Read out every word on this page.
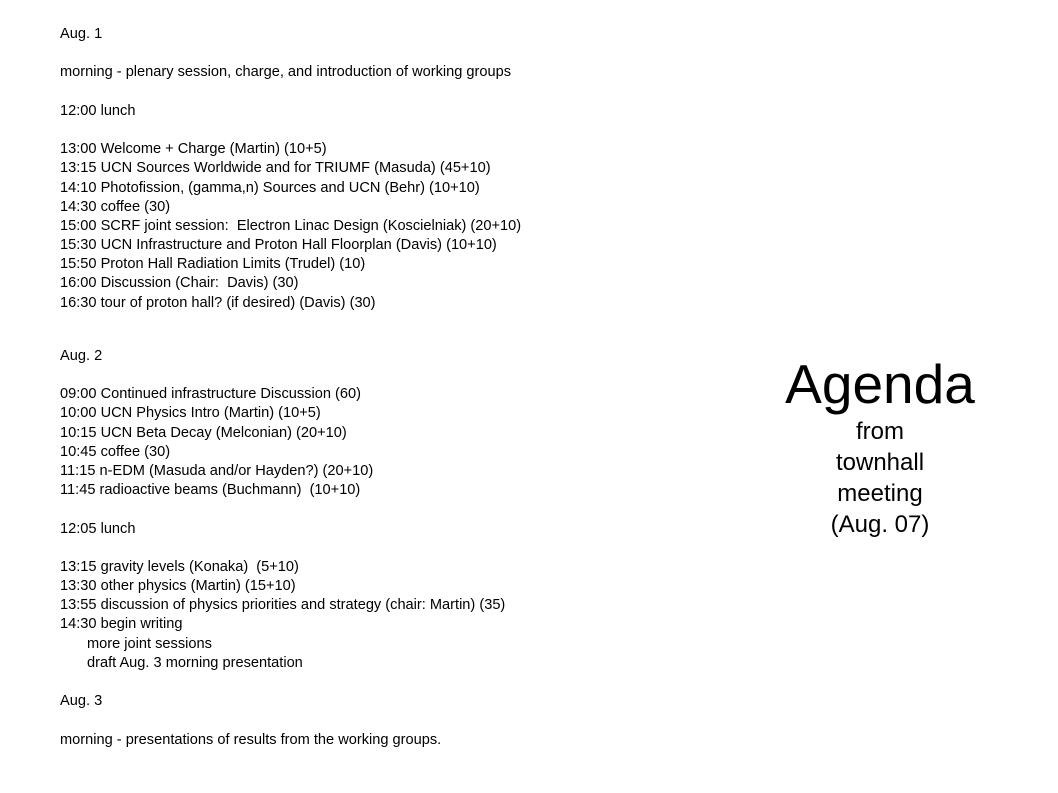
Aug. 1
morning - plenary session, charge, and introduction of working groups
12:00 lunch
13:00 Welcome + Charge (Martin) (10+5)
13:15 UCN Sources Worldwide and for TRIUMF (Masuda) (45+10)
14:10 Photofission, (gamma,n) Sources and UCN (Behr) (10+10)
14:30 coffee (30)
15:00 SCRF joint session:  Electron Linac Design (Koscielniak) (20+10)
15:30 UCN Infrastructure and Proton Hall Floorplan (Davis) (10+10)
15:50 Proton Hall Radiation Limits (Trudel) (10)
16:00 Discussion (Chair:  Davis) (30)
16:30 tour of proton hall? (if desired) (Davis) (30)
Aug. 2
09:00 Continued infrastructure Discussion (60)
10:00 UCN Physics Intro (Martin) (10+5)
10:15 UCN Beta Decay (Melconian) (20+10)
10:45 coffee (30)
11:15 n-EDM (Masuda and/or Hayden?) (20+10)
11:45 radioactive beams (Buchmann)  (10+10)
12:05 lunch
13:15 gravity levels (Konaka)  (5+10)
13:30 other physics (Martin) (15+10)
13:55 discussion of physics priorities and strategy (chair: Martin) (35)
14:30 begin writing
more joint sessions
draft Aug. 3 morning presentation
Aug. 3
morning - presentations of results from the working groups.
Agenda
from
townhall
meeting
(Aug. 07)
